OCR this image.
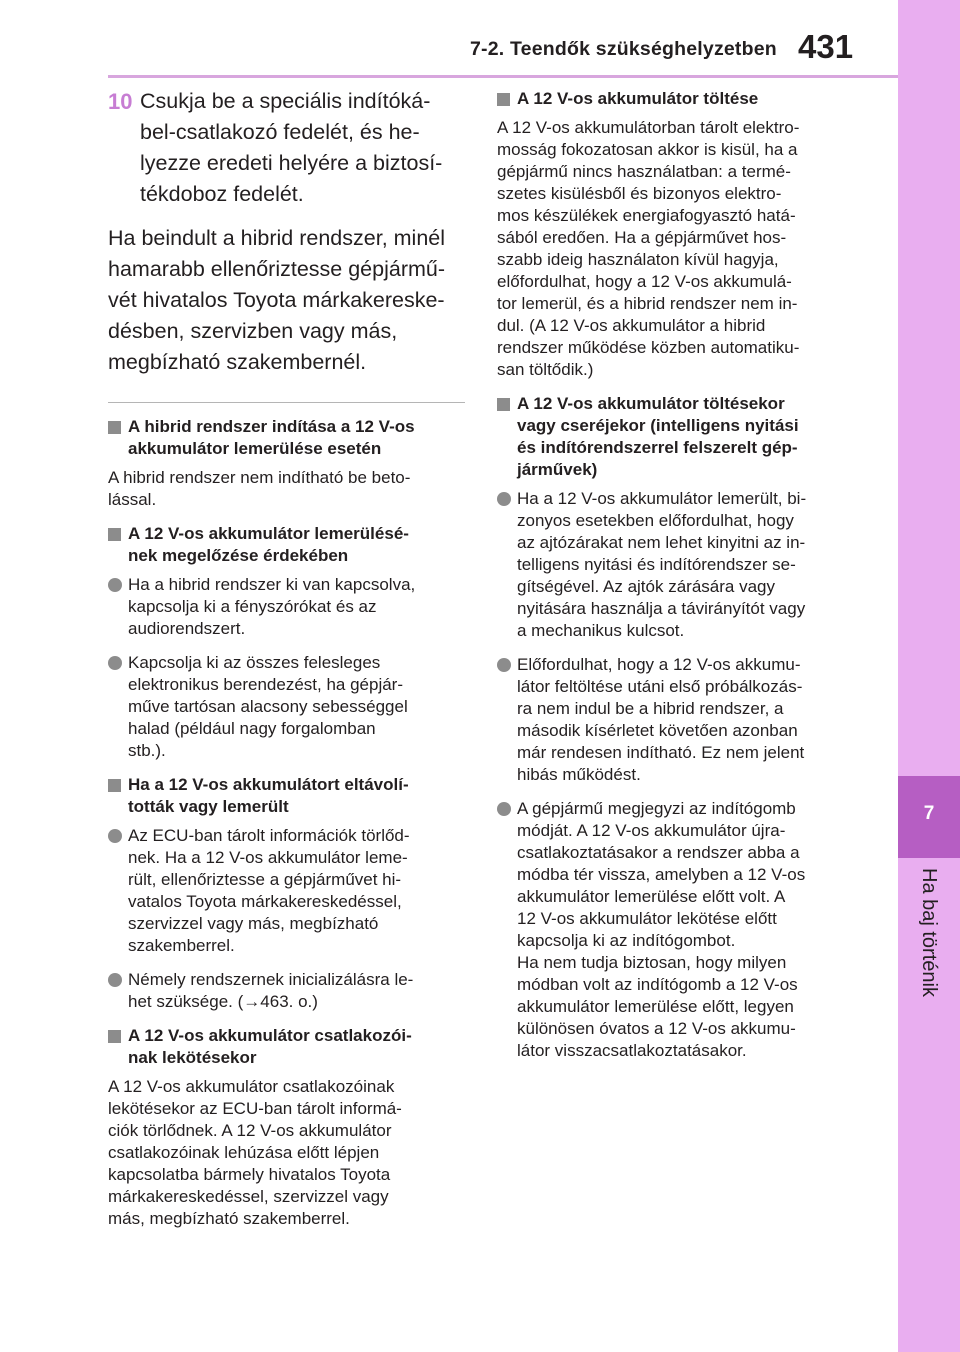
7-2. Teendők szükséghelyzetben 431
7
Ha baj történik
10 Csukja be a speciális indítóká-
bel-csatlakozó fedelét, és he-
lyezze eredeti helyére a biztosí-
tékdoboz fedelét.

Ha beindult a hibrid rendszer, minél
hamarabb ellenőriztesse gépjármű-
vét hivatalos Toyota márkakereske-
désben, szervizben vagy más,
megbízható szakembernél.

A hibrid rendszer indítása a 12 V-os
akkumulátor lemerülése esetén

A hibrid rendszer nem indítható be beto-
lással.

A 12 V-os akkumulátor lemerülésé-
nek megelőzése érdekében
Ha a hibrid rendszer ki van kapcsolva,
kapcsolja ki a fényszórókat és az
audiorendszert.
Kapcsolja ki az összes felesleges
elektronikus berendezést, ha gépjár-
műve tartósan alacsony sebességgel
halad (például nagy forgalomban
stb.).
Ha a 12 V-os akkumulátort eltávolí-
tották vagy lemerült
Az ECU-ban tárolt információk törlőd-
nek. Ha a 12 V-os akkumulátor leme-
rült, ellenőriztesse a gépjárművet hi-
vatalos Toyota márkakereskedéssel,
szervizzel vagy más, megbízható
szakemberrel.
Némely rendszernek inicializálásra le-
het szüksége. (→463. o.)
A 12 V-os akkumulátor csatlakozói-
nak lekötésekor

A 12 V-os akkumulátor csatlakozóinak
lekötésekor az ECU-ban tárolt informá-
ciók törlődnek. A 12 V-os akkumulátor
csatlakozóinak lehúzása előtt lépjen
kapcsolatba bármely hivatalos Toyota
márkakereskedéssel, szervizzel vagy
más, megbízható szakemberrel.

A 12 V-os akkumulátor töltése

A 12 V-os akkumulátorban tárolt elektro-
mosság fokozatosan akkor is kisül, ha a
gépjármű nincs használatban: a termé-
szetes kisülésből és bizonyos elektro-
mos készülékek energiafogyasztó hatá-
sából eredően. Ha a gépjárművet hos-
szabb ideig használaton kívül hagyja,
előfordulhat, hogy a 12 V-os akkumulá-
tor lemerül, és a hibrid rendszer nem in-
dul. (A 12 V-os akkumulátor a hibrid
rendszer működése közben automatiku-
san töltődik.)

A 12 V-os akkumulátor töltésekor
vagy cseréjekor (intelligens nyitási
és indítórendszerrel felszerelt gép-
járművek)
Ha a 12 V-os akkumulátor lemerült, bi-
zonyos esetekben előfordulhat, hogy
az ajtózárakat nem lehet kinyitni az in-
telligens nyitási és indítórendszer se-
gítségével. Az ajtók zárására vagy
nyitására használja a távirányítót vagy
a mechanikus kulcsot.
Előfordulhat, hogy a 12 V-os akkumu-
látor feltöltése utáni első próbálkozás-
ra nem indul be a hibrid rendszer, a
második kísérletet követően azonban
már rendesen indítható. Ez nem jelent
hibás működést.
A gépjármű megjegyzi az indítógomb
módját. A 12 V-os akkumulátor újra-
csatlakoztatásakor a rendszer abba a
módba tér vissza, amelyben a 12 V-os
akkumulátor lemerülése előtt volt. A
12 V-os akkumulátor lekötése előtt
kapcsolja ki az indítógombot.
Ha nem tudja biztosan, hogy milyen
módban volt az indítógomb a 12 V-os
akkumulátor lemerülése előtt, legyen
különösen óvatos a 12 V-os akkumu-
látor visszacsatlakoztatásakor.
